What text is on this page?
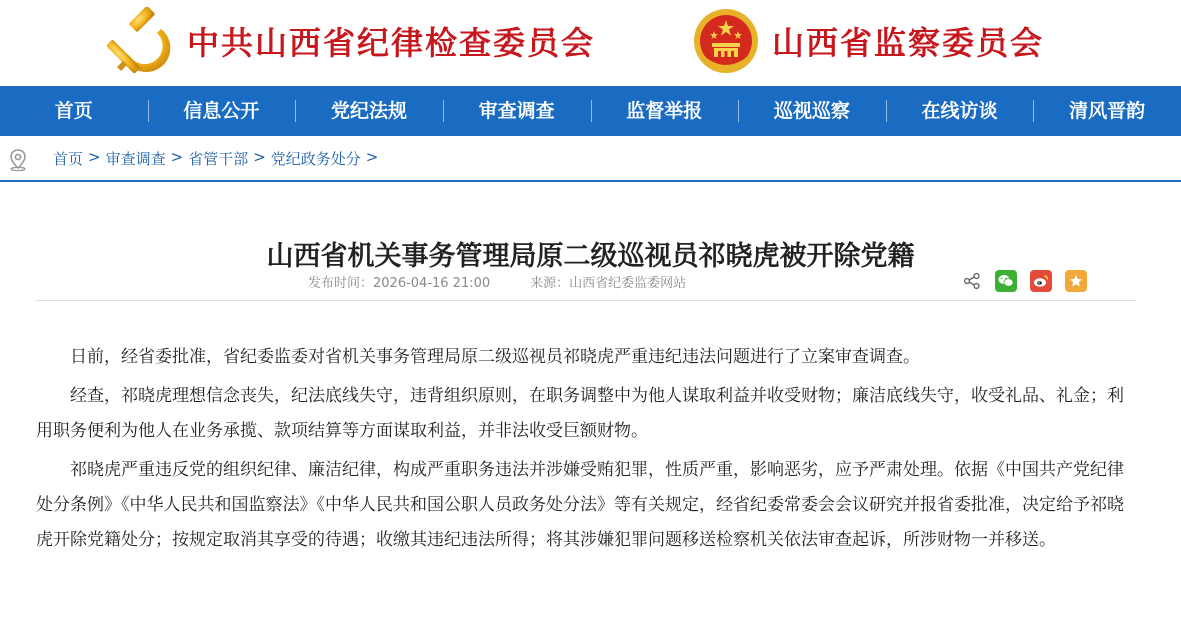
中共山西省纪律检查委员会	山西省监察委员会
首页	信息公开	党纪法规	审查调查	监督举报	巡视巡察	在线访谈	清风晋韵
首页 > 审查调查 > 省管干部 > 党纪政务处分 >
山西省机关事务管理局原二级巡视员祁晓虎被开除党籍
发布时间：2026-04-16 21:00	来源：山西省纪委监委网站

日前，经省委批准，省纪委监委对省机关事务管理局原二级巡视员祁晓虎严重违纪违法问题进行了立案审查调查。

经查，祁晓虎理想信念丧失，纪法底线失守，违背组织原则，在职务调整中为他人谋取利益并收受财物；廉洁底线失守，收受礼品、礼金；利用职务便利为他人在业务承揽、款项结算等方面谋取利益，并非法收受巨额财物。

祁晓虎严重违反党的组织纪律、廉洁纪律，构成严重职务违法并涉嫌受贿犯罪，性质严重，影响恶劣，应予严肃处理。依据《中国共产党纪律处分条例》《中华人民共和国监察法》《中华人民共和国公职人员政务处分法》等有关规定，经省纪委常委会会议研究并报省委批准，决定给予祁晓虎开除党籍处分；按规定取消其享受的待遇；收缴其违纪违法所得；将其涉嫌犯罪问题移送检察机关依法审查起诉，所涉财物一并移送。
